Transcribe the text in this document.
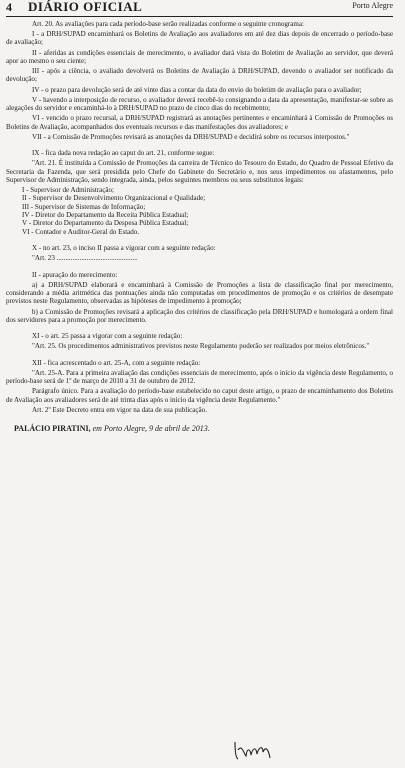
4 DIÁRIO OFICIAL	Porto Alegre

Art. 20. As avaliações para cada período-base serão realizadas conforme o seguinte cronograma:

I - a DRH/SUPAD encaminhará os Boletins de Avaliação aos avaliadores em até dez dias depois de encerrado o período-base de avaliação;

II - aferidas as condições essenciais de merecimento, o avaliador dará vista do Boletim de Avaliação ao servidor, que deverá apor ao mesmo o seu ciente;

III - após a ciência, o avaliado devolverá os Boletins de Avaliação à DRH/SUPAD, devendo o avaliador ser notificado da devolução;

IV - o prazo para devolução será de até vinte dias a contar da data do envio do boletim de avaliação para o avaliador;

V - havendo a interposição de recurso, o avaliador deverá recebê-lo consignando a data da apresentação, manifestar-se sobre as alegações do servidor e encaminhá-lo à DRH/SUPAD no prazo de cinco dias do recebimento;

VI - vencido o prazo recursal, a DRH/SUPAD registrará as anotações pertinentes e encaminhará à Comissão de Promoções os Boletins de Avaliação, acompanhados dos eventuais recursos e das manifestações dos avaliadores; e

VII - a Comissão de Promoções revisará as anotações da DRH/SUPAD e decidirá sobre os recursos interpostos."

IX - fica dada nova redação ao caput do art. 21, conforme segue:

"Art. 21. É instituída a Comissão de Promoções da carreira de Técnico do Tesouro do Estado, do Quadro de Pessoal Efetivo da Secretaria da Fazenda, que será presidida pelo Chefe do Gabinete do Secretário e, nos seus impedimentos ou afastamentos, pelo Supervisor de Administração, sendo integrada, ainda, pelos seguintes membros ou seus substitutos legais:

I - Supervisor de Administração;

II - Supervisor de Desenvolvimento Organizacional e Qualidade;

III - Supervisor de Sistemas de Informação;

IV - Diretor do Departamento da Receita Pública Estadual;

V - Diretor do Departamento da Despesa Pública Estadual;

VI - Contador e Auditor-Geral do Estado.

X - no art. 23, o inciso II passa a vigorar com a seguinte redação:

"Art. 23 ..............................................

II - apuração do merecimento:

a) a DRH/SUPAD elaborará e encaminhará à Comissão de Promoções a lista de classificação final por merecimento, considerando a média aritmética das pontuações ainda não computadas em procedimentos de promoção e os critérios de desempate previstos neste Regulamento, observadas as hipóteses de impedimento à promoção;

b) a Comissão de Promoções revisará a aplicação dos critérios de classificação pela DRH/SUPAD e homologará a ordem final dos servidores para a promoção por merecimento.

XI - o art. 25 passa a vigorar com a seguinte redação:

"Art. 25. Os procedimentos administrativos previstos neste Regulamento poderão ser realizados por meios eletrônicos."

XII - fica acrescentado o art. 25-A, com a seguinte redação:

"Art. 25-A. Para a primeira avaliação das condições essenciais de merecimento, após o início da vigência deste Regulamento, o período-base será de 1º de março de 2010 a 31 de outubro de 2012.

Parágrafo único. Para a avaliação do período-base estabelecido no caput deste artigo, o prazo de encaminhamento dos Boletins de Avaliação aos avaliadores será de até trinta dias após o início da vigência deste Regulamento."

Art. 2º Este Decreto entra em vigor na data de sua publicação.

PALÁCIO PIRATINI, em Porto Alegre, 9 de abril de 2013.
